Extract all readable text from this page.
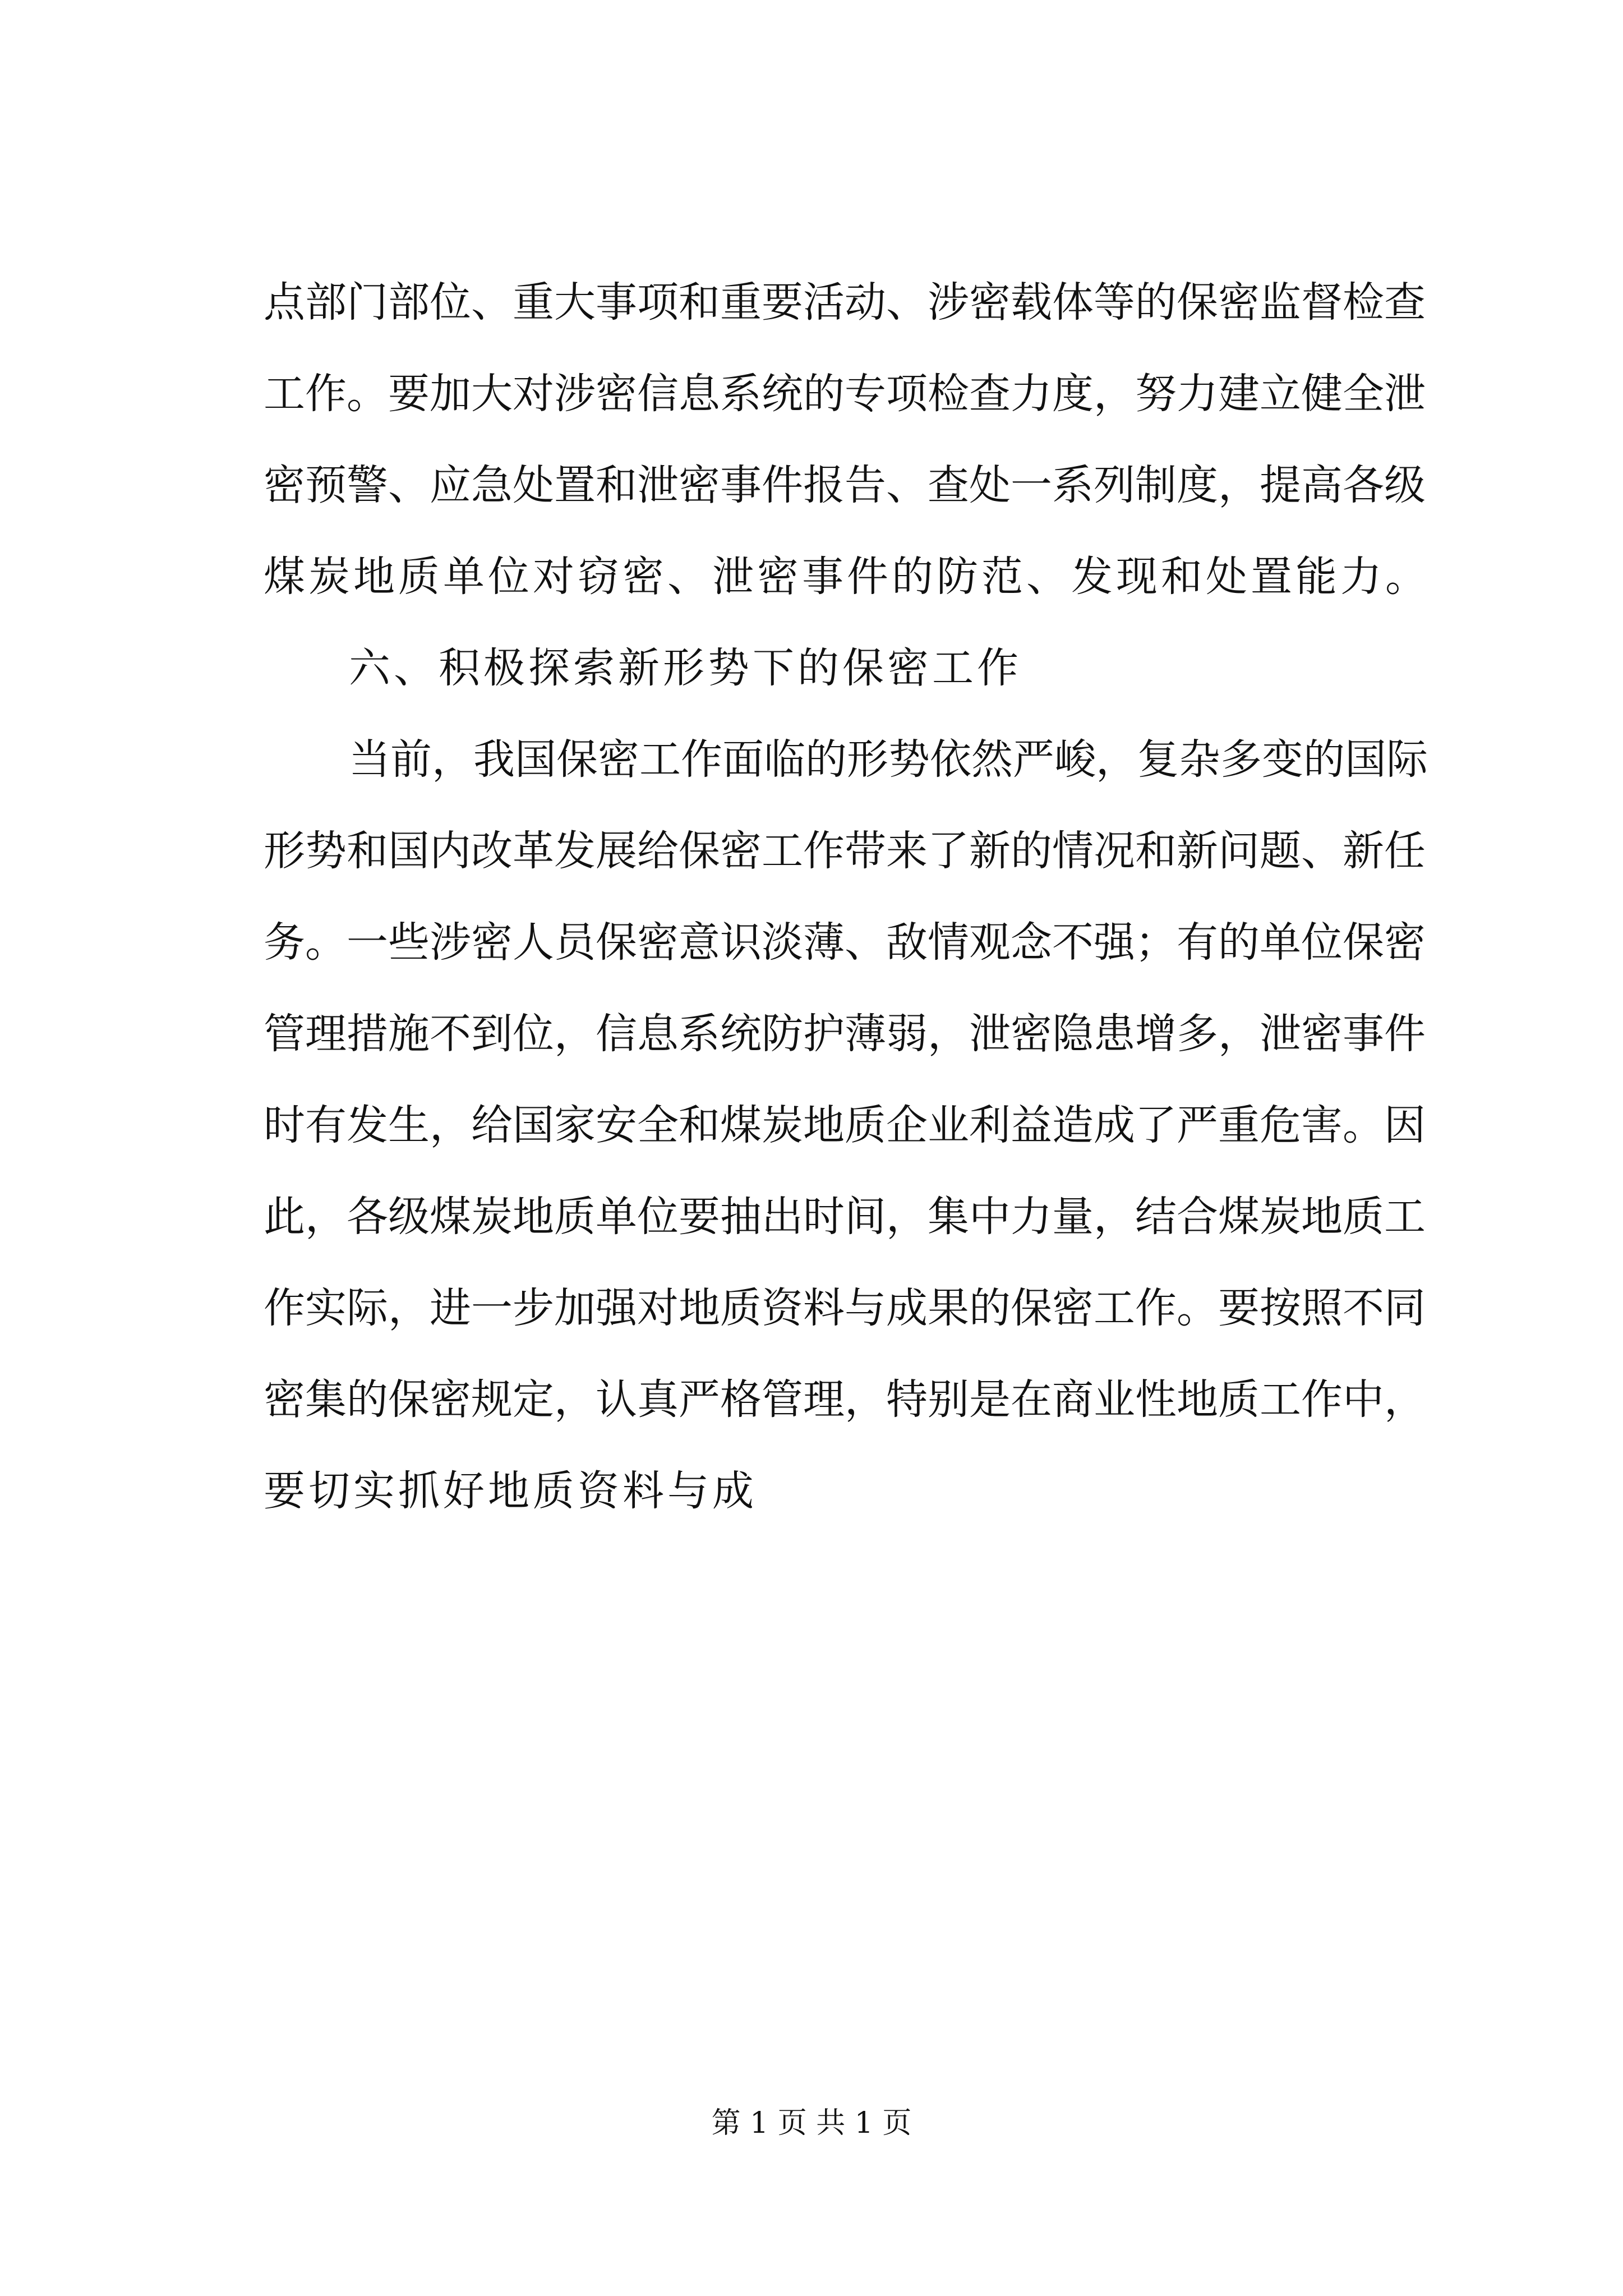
点部门部位、重大事项和重要活动、涉密载体等的保密监督检查
工作。要加大对涉密信息系统的专项检查力度，努力建立健全泄
密预警、应急处置和泄密事件报告、查处一系列制度，提高各级
煤炭地质单位对窃密、泄密事件的防范、发现和处置能力。
六、积极探索新形势下的保密工作
当前，我国保密工作面临的形势依然严峻，复杂多变的国际
形势和国内改革发展给保密工作带来了新的情况和新问题、新任
务。一些涉密人员保密意识淡薄、敌情观念不强；有的单位保密
管理措施不到位，信息系统防护薄弱，泄密隐患增多，泄密事件
时有发生，给国家安全和煤炭地质企业利益造成了严重危害。因
此，各级煤炭地质单位要抽出时间，集中力量，结合煤炭地质工
作实际，进一步加强对地质资料与成果的保密工作。要按照不同
密集的保密规定，认真严格管理，特别是在商业性地质工作中，
要切实抓好地质资料与成
第 1 页 共 1 页
